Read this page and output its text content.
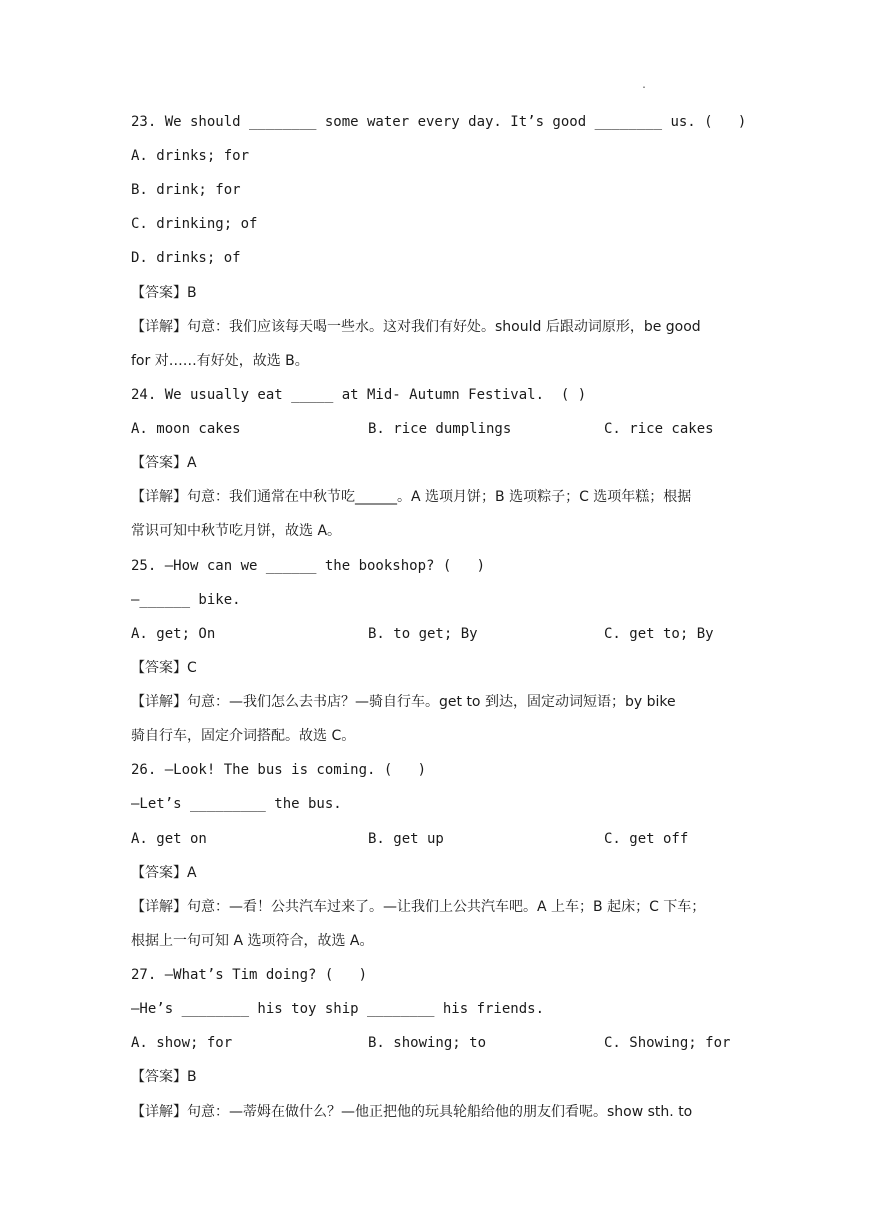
.
23. We should ________ some water every day. It’s good ________ us. (   )
A. drinks; for
B. drink; for
C. drinking; of
D. drinks; of
【答案】B
【详解】句意：我们应该每天喝一些水。这对我们有好处。should 后跟动词原形，be good
for 对……有好处，故选 B。
24. We usually eat _____ at Mid- Autumn Festival.  ( )
A. moon cakes	B. rice dumplings	C. rice cakes
【答案】A
【详解】句意：我们通常在中秋节吃______。A 选项月饼；B 选项粽子；C 选项年糕；根据
常识可知中秋节吃月饼，故选 A。
25. —How can we ______ the bookshop? (   )
—______ bike.
A. get; On	B. to get; By	C. get to; By
【答案】C
【详解】句意：—我们怎么去书店？—骑自行车。get to 到达，固定动词短语；by bike
骑自行车，固定介词搭配。故选 C。
26. —Look! The bus is coming. (   )
—Let’s _________ the bus.
A. get on	B. get up	C. get off
【答案】A
【详解】句意：—看！公共汽车过来了。—让我们上公共汽车吧。A 上车；B 起床；C 下车；
根据上一句可知 A 选项符合，故选 A。
27. —What’s Tim doing? (   )
—He’s ________ his toy ship ________ his friends.
A. show; for	B. showing; to	C. Showing; for
【答案】B
【详解】句意：—蒂姆在做什么？—他正把他的玩具轮船给他的朋友们看呢。show sth. to
